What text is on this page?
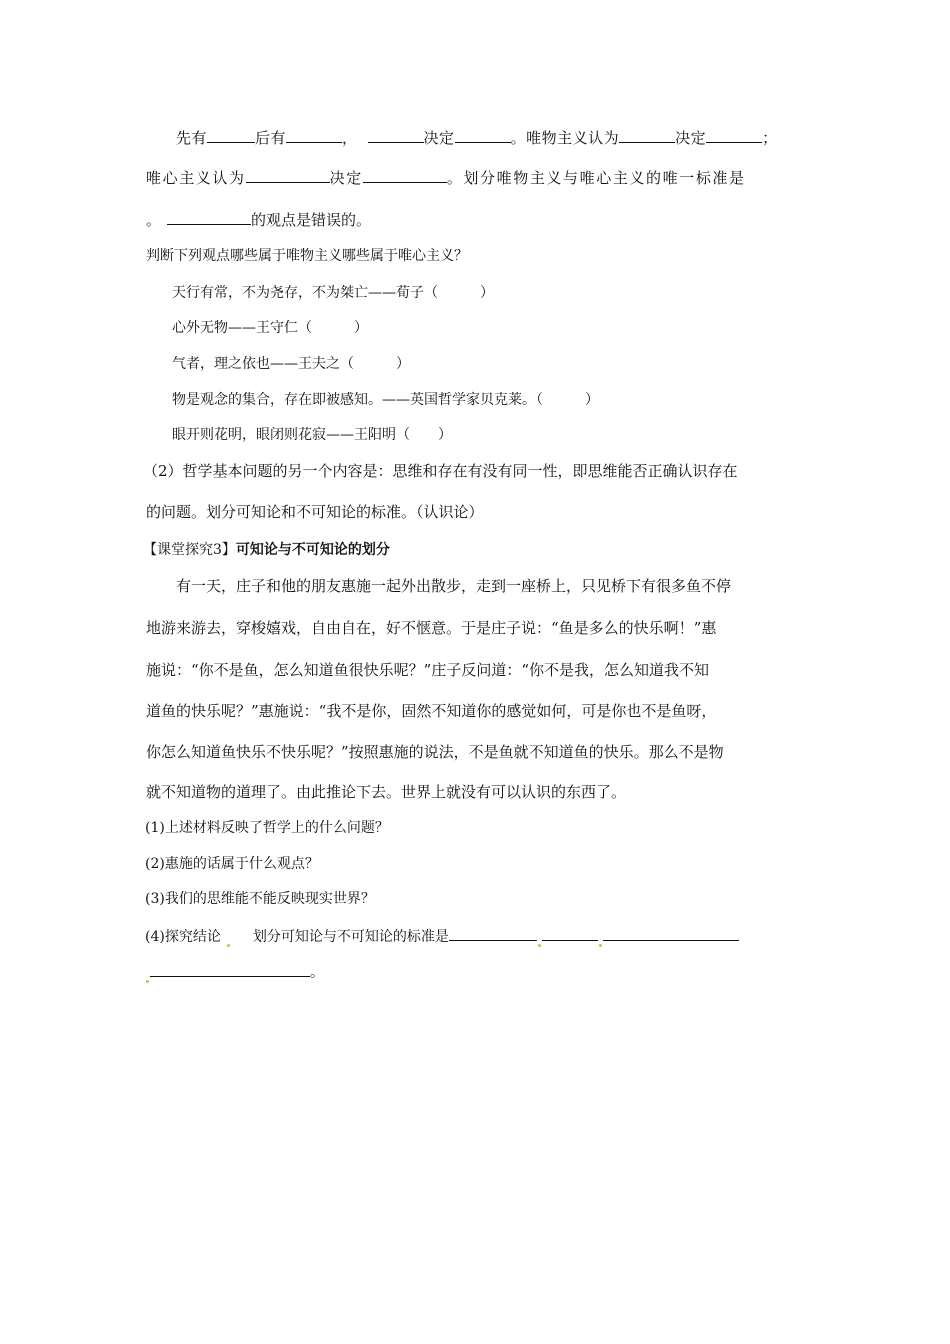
先有	后有	，	决定	。唯物主义认为	决定	；
唯心主义认为	决定	。划分唯物主义与唯心主义的唯一标准是
。	的观点是错误的。
判断下列观点哪些属于唯物主义哪些属于唯心主义？
天行有常，不为尧存，不为桀亡——荀子（　　　）
心外无物——王守仁（　　　）
气者，理之依也——王夫之（　　　）
物是观念的集合，存在即被感知。——英国哲学家贝克莱。（　　　）
眼开则花明，眼闭则花寂——王阳明（　　）
（2）哲学基本问题的另一个内容是：思维和存在有没有同一性，即思维能否正确认识存在
的问题。划分可知论和不可知论的标准。（认识论）
【课堂探究3】可知论与不可知论的划分
有一天，庄子和他的朋友惠施一起外出散步，走到一座桥上，只见桥下有很多鱼不停
地游来游去，穿梭嬉戏，自由自在，好不惬意。于是庄子说：“鱼是多么的快乐啊！”惠
施说：“你不是鱼，怎么知道鱼很快乐呢？”庄子反问道：“你不是我，怎么知道我不知
道鱼的快乐呢？”惠施说：“我不是你，固然不知道你的感觉如何，可是你也不是鱼呀，
你怎么知道鱼快乐不快乐呢？”按照惠施的说法，不是鱼就不知道鱼的快乐。那么不是物
就不知道物的道理了。由此推论下去。世界上就没有可以认识的东西了。
(1)上述材料反映了哲学上的什么问题？
(2)惠施的话属于什么观点？
(3)我们的思维能不能反映现实世界？
(4)探究结论 划分可知论与不可知论的标准是
。
